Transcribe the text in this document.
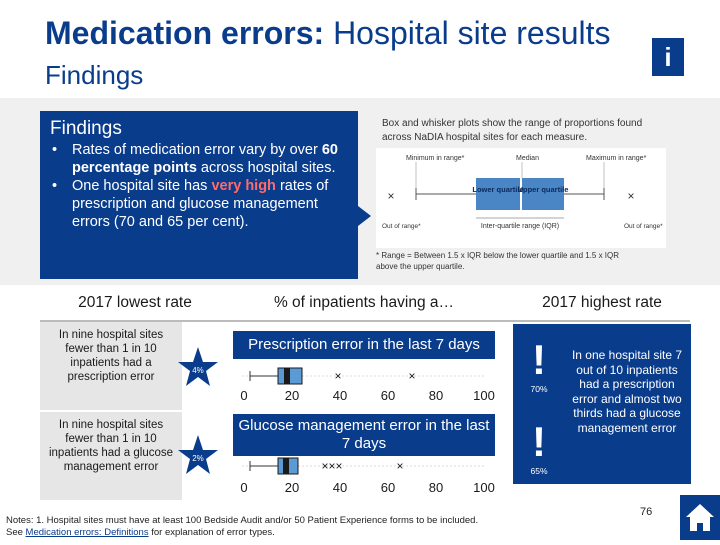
Medication errors: Hospital site results
Findings
i
Findings
• Rates of medication error vary by over 60 percentage points across hospital sites.
• One hospital site has very high rates of prescription and glucose management errors (70 and 65 per cent).
Box and whisker plots show the range of proportions found across NaDIA hospital sites for each measure.
Minimum in range*	Median	Maximum in range*
Lower quartile
Upper quartile
×	×
Inter-quartile range (IQR)
Out of range*	Out of range*
* Range = Between 1.5 x IQR below the lower quartile and 1.5 x IQR above the upper quartile.
2017 lowest rate	% of inpatients having a…	2017 highest rate
In nine hospital sites fewer than 1 in 10 inpatients had a prescription error
In nine hospital sites fewer than 1 in 10 inpatients had a glucose management error
4%
2%
Prescription error in the last 7 days
Glucose management error in the last 7 days
×	×
0	20	40	60	80 100
×××	×
0	20	40	60	80 100
!
70%
!
65%
In one hospital site 7 out of 10 inpatients had a prescription error and almost two thirds had a glucose management error
Notes: 1. Hospital sites must have at least 100 Bedside Audit and/or 50 Patient Experience forms to be included.
See Medication errors: Definitions for explanation of error types.
76
